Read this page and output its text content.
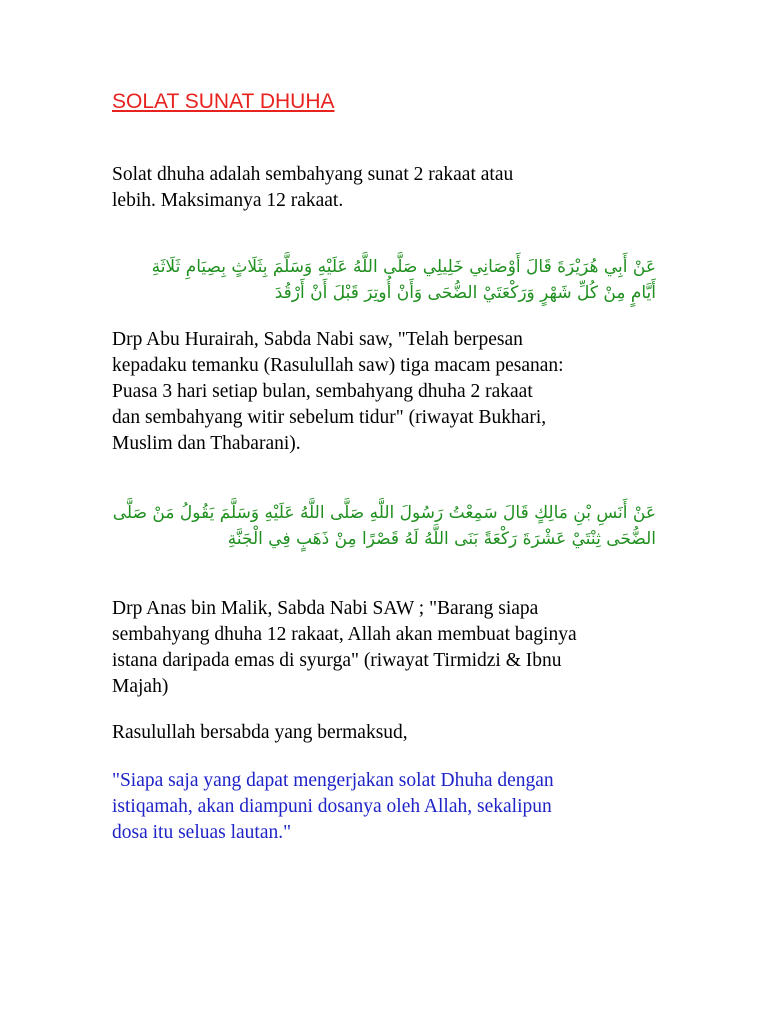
SOLAT SUNAT DHUHA
Solat dhuha adalah sembahyang sunat 2 rakaat atau
lebih. Maksimanya 12 rakaat.
عَنْ أَبِي هُرَيْرَةَ قَالَ أَوْصَانِي خَلِيلِي صَلَّى اللَّهُ عَلَيْهِ وَسَلَّمَ بِثَلَاثٍ بِصِيَامِ ثَلَاثَةِ
أَيَّامٍ مِنْ كُلِّ شَهْرٍ وَرَكْعَتَيْ الضُّحَى وَأَنْ أُوتِرَ قَبْلَ أَنْ أَرْقُدَ
Drp Abu Hurairah, Sabda Nabi saw, "Telah berpesan
kepadaku temanku (Rasulullah saw) tiga macam pesanan:
Puasa 3 hari setiap bulan, sembahyang dhuha 2 rakaat
dan sembahyang witir sebelum tidur" (riwayat Bukhari,
Muslim dan Thabarani).
عَنْ أَنَسِ بْنِ مَالِكٍ قَالَ سَمِعْتُ رَسُولَ اللَّهِ صَلَّى اللَّهُ عَلَيْهِ وَسَلَّمَ يَقُولُ مَنْ صَلَّى
الضُّحَى ثِنْتَيْ عَشْرَةَ رَكْعَةً بَنَى اللَّهُ لَهُ قَصْرًا مِنْ ذَهَبٍ فِي الْجَنَّةِ
Drp Anas bin Malik, Sabda Nabi SAW ; "Barang siapa
sembahyang dhuha 12 rakaat, Allah akan membuat baginya
istana daripada emas di syurga" (riwayat Tirmidzi & Ibnu
Majah)
Rasulullah bersabda yang bermaksud,
"Siapa saja yang dapat mengerjakan solat Dhuha dengan
istiqamah, akan diampuni dosanya oleh Allah, sekalipun
dosa itu seluas lautan."
